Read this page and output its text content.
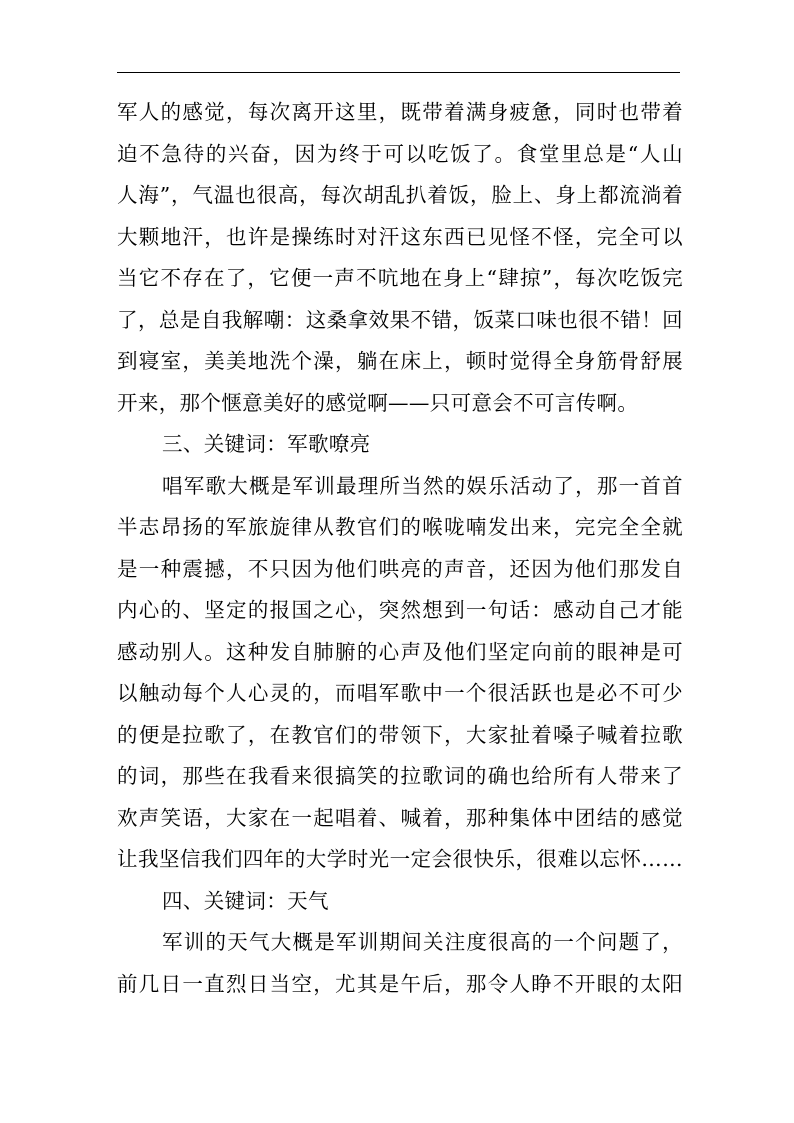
军人的感觉，每次离开这里，既带着满身疲惫，同时也带着
迫不急待的兴奋，因为终于可以吃饭了。食堂里总是“人山
人海”，气温也很高，每次胡乱扒着饭，脸上、身上都流淌着
大颗地汗，也许是操练时对汗这东西已见怪不怪，完全可以
当它不存在了，它便一声不吭地在身上“肆掠”，每次吃饭完
了，总是自我解嘲：这桑拿效果不错，饭菜口味也很不错！回
到寝室，美美地洗个澡，躺在床上，顿时觉得全身筋骨舒展
开来，那个惬意美好的感觉啊——只可意会不可言传啊。
三、关键词：军歌嘹亮
唱军歌大概是军训最理所当然的娱乐活动了，那一首首
半志昂扬的军旅旋律从教官们的喉咙喃发出来，完完全全就
是一种震撼，不只因为他们哄亮的声音，还因为他们那发自
内心的、坚定的报国之心，突然想到一句话：感动自己才能
感动别人。这种发自肺腑的心声及他们坚定向前的眼神是可
以触动每个人心灵的，而唱军歌中一个很活跃也是必不可少
的便是拉歌了，在教官们的带领下，大家扯着嗓子喊着拉歌
的词，那些在我看来很搞笑的拉歌词的确也给所有人带来了
欢声笑语，大家在一起唱着、喊着，那种集体中团结的感觉
让我坚信我们四年的大学时光一定会很快乐，很难以忘怀……
四、关键词：天气
军训的天气大概是军训期间关注度很高的一个问题了，
前几日一直烈日当空，尤其是午后，那令人睁不开眼的太阳
